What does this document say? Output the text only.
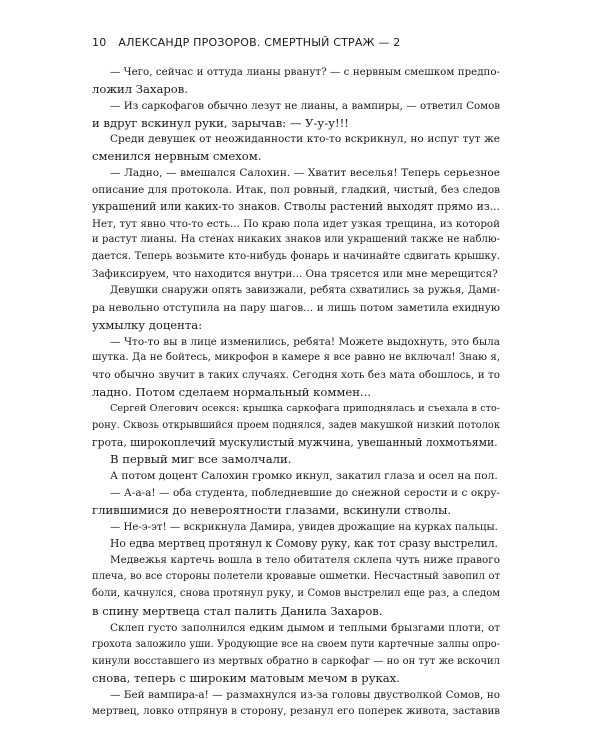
10 АЛЕКСАНДР ПРОЗОРОВ. СМЕРТНЫЙ СТРАЖ — 2
— Чего, сейчас и оттуда лианы рванут? — с нервным смешком предпо-
ложил Захаров.
— Из саркофагов обычно лезут не лианы, а вампиры, — ответил Сомов
и вдруг вскинул руки, зарычав: — У-у-у!!!
Среди девушек от неожиданности кто-то вскрикнул, но испуг тут же
сменился нервным смехом.
— Ладно, — вмешался Салохин. — Хватит веселья! Теперь серьезное
описание для протокола. Итак, пол ровный, гладкий, чистый, без следов
украшений или каких-то знаков. Стволы растений выходят прямо из...
Нет, тут явно что-то есть... По краю пола идет узкая трещина, из которой
и растут лианы. На стенах никаких знаков или украшений также не наблю-
дается. Теперь возьмите кто-нибудь фонарь и начинайте сдвигать крышку.
Зафиксируем, что находится внутри... Она трясется или мне мерещится?
Девушки снаружи опять завизжали, ребята схватились за ружья, Дами-
ра невольно отступила на пару шагов... и лишь потом заметила ехидную
ухмылку доцента:
— Что-то вы в лице изменились, ребята! Можете выдохнуть, это была
шутка. Да не бойтесь, микрофон в камере я все равно не включал! Знаю я,
что обычно звучит в таких случаях. Сегодня хоть без мата обошлось, и то
ладно. Потом сделаем нормальный коммен...
Сергей Олегович осекся: крышка саркофага приподнялась и съехала в сто-
рону. Сквозь открывшийся проем поднялся, задев макушкой низкий потолок
грота, широкоплечий мускулистый мужчина, увешанный лохмотьями.
В первый миг все замолчали.
А потом доцент Салохин громко икнул, закатил глаза и осел на пол.
— А-а-а! — оба студента, побледневшие до снежной серости и с окру-
глившимися до невероятности глазами, вскинули стволы.
— Не-э-эт! — вскрикнула Дамира, увидев дрожащие на курках пальцы.
Но едва мертвец протянул к Сомову руку, как тот сразу выстрелил.
Медвежья картечь вошла в тело обитателя склепа чуть ниже правого
плеча, во все стороны полетели кровавые ошметки. Несчастный завопил от
боли, качнулся, снова протянул руку, и Сомов выстрелил еще раз, а следом
в спину мертвеца стал палить Данила Захаров.
Склеп густо заполнился едким дымом и теплыми брызгами плоти, от
грохота заложило уши. Уродующие все на своем пути картечные залпы опро-
кинули восставшего из мертвых обратно в саркофаг — но он тут же вскочил
снова, теперь с широким матовым мечом в руках.
— Бей вампира-а! — размахнулся из-за головы двустволкой Сомов, но
мертвец, ловко отпрянув в сторону, резанул его поперек живота, заставив
